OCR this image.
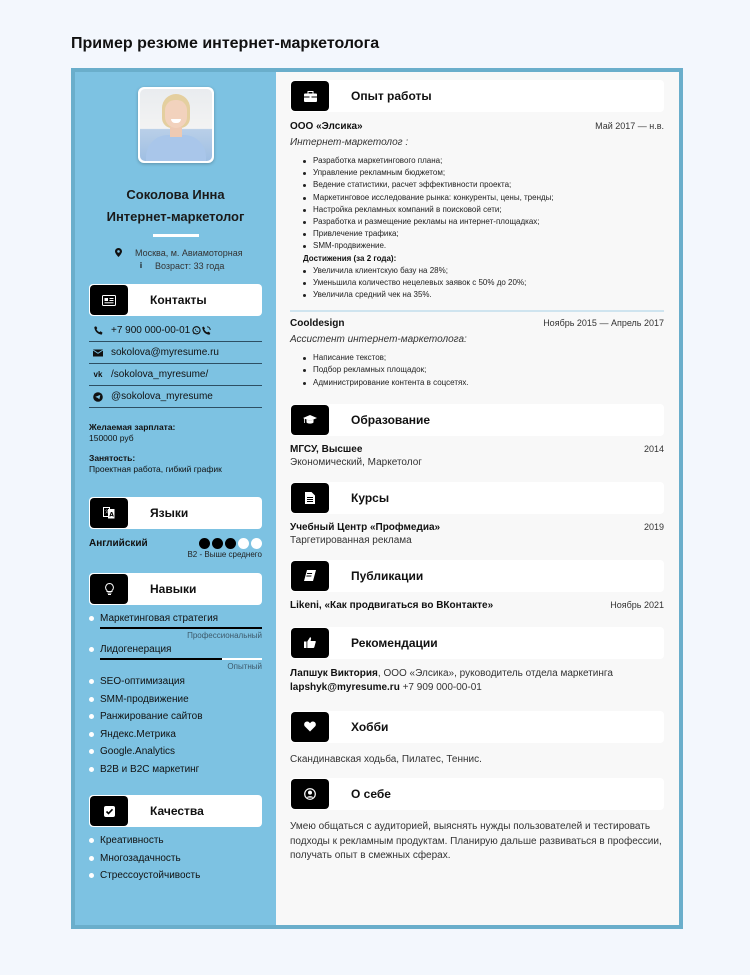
Пример резюме интернет-маркетолога
Соколова Инна
Интернет-маркетолог
Москва, м. Авиамоторная
i	Возраст: 33 года
Контакты
+7 900 000-00-01
sokolova@myresume.ru
vk /sokolova_myresume/
@sokolova_myresume
Желаемая зарплата:
150000 руб
Занятость:
Проектная работа, гибкий график
A
文	Языки
Английский
B2 - Выше среднего
Навыки
Маркетинговая стратегия
Профессиональный
Лидогенерация
Опытный
SEO-оптимизация
SMM-продвижение
Ранжирование сайтов
Яндекс.Метрика
Google.Analytics
B2B и B2C маркетинг
Качества
Креативность
Многозадачность
Стрессоустойчивость
Опыт работы
ООО «Элсика»	Май 2017 — н.в.
Интернет-маркетолог :
Разработка маркетингового плана;
Управление рекламным бюджетом;
Ведение статистики, расчет эффективности проекта;
Маркетинговое исследование рынка: конкуренты, цены, тренды;
Настройка рекламных компаний в поисковой сети;
Разработка и размещение рекламы на интернет-площадках;
Привлечение трафика;
SMM-продвижение.
Достижения (за 2 года):
Увеличила клиентскую базу на 28%;
Уменьшила количество нецелевых заявок с 50% до 20%;
Увеличила средний чек на 35%.
Cooldesign	Ноябрь 2015 — Апрель 2017
Ассистент интернет-маркетолога:
Написание текстов;
Подбор рекламных площадок;
Администрирование контента в соцсетях.
Образование
МГСУ, Высшее	2014
Экономический, Маркетолог
Курсы
Учебный Центр «Профмедиа»	2019
Таргетированная реклама
Публикации
Likeni, «Как продвигаться во ВКонтакте»	Ноябрь 2021
Рекомендации
Лапшук Виктория, ООО «Элсика», руководитель отдела маркетинга
lapshyk@myresume.ru +7 909 000-00-01
Хобби
Скандинавская ходьба, Пилатес, Теннис.
О себе
Умею общаться с аудиторией, выяснять нужды пользователей и тестировать подходы к рекламным продуктам. Планирую дальше развиваться в профессии, получать опыт в смежных сферах.
